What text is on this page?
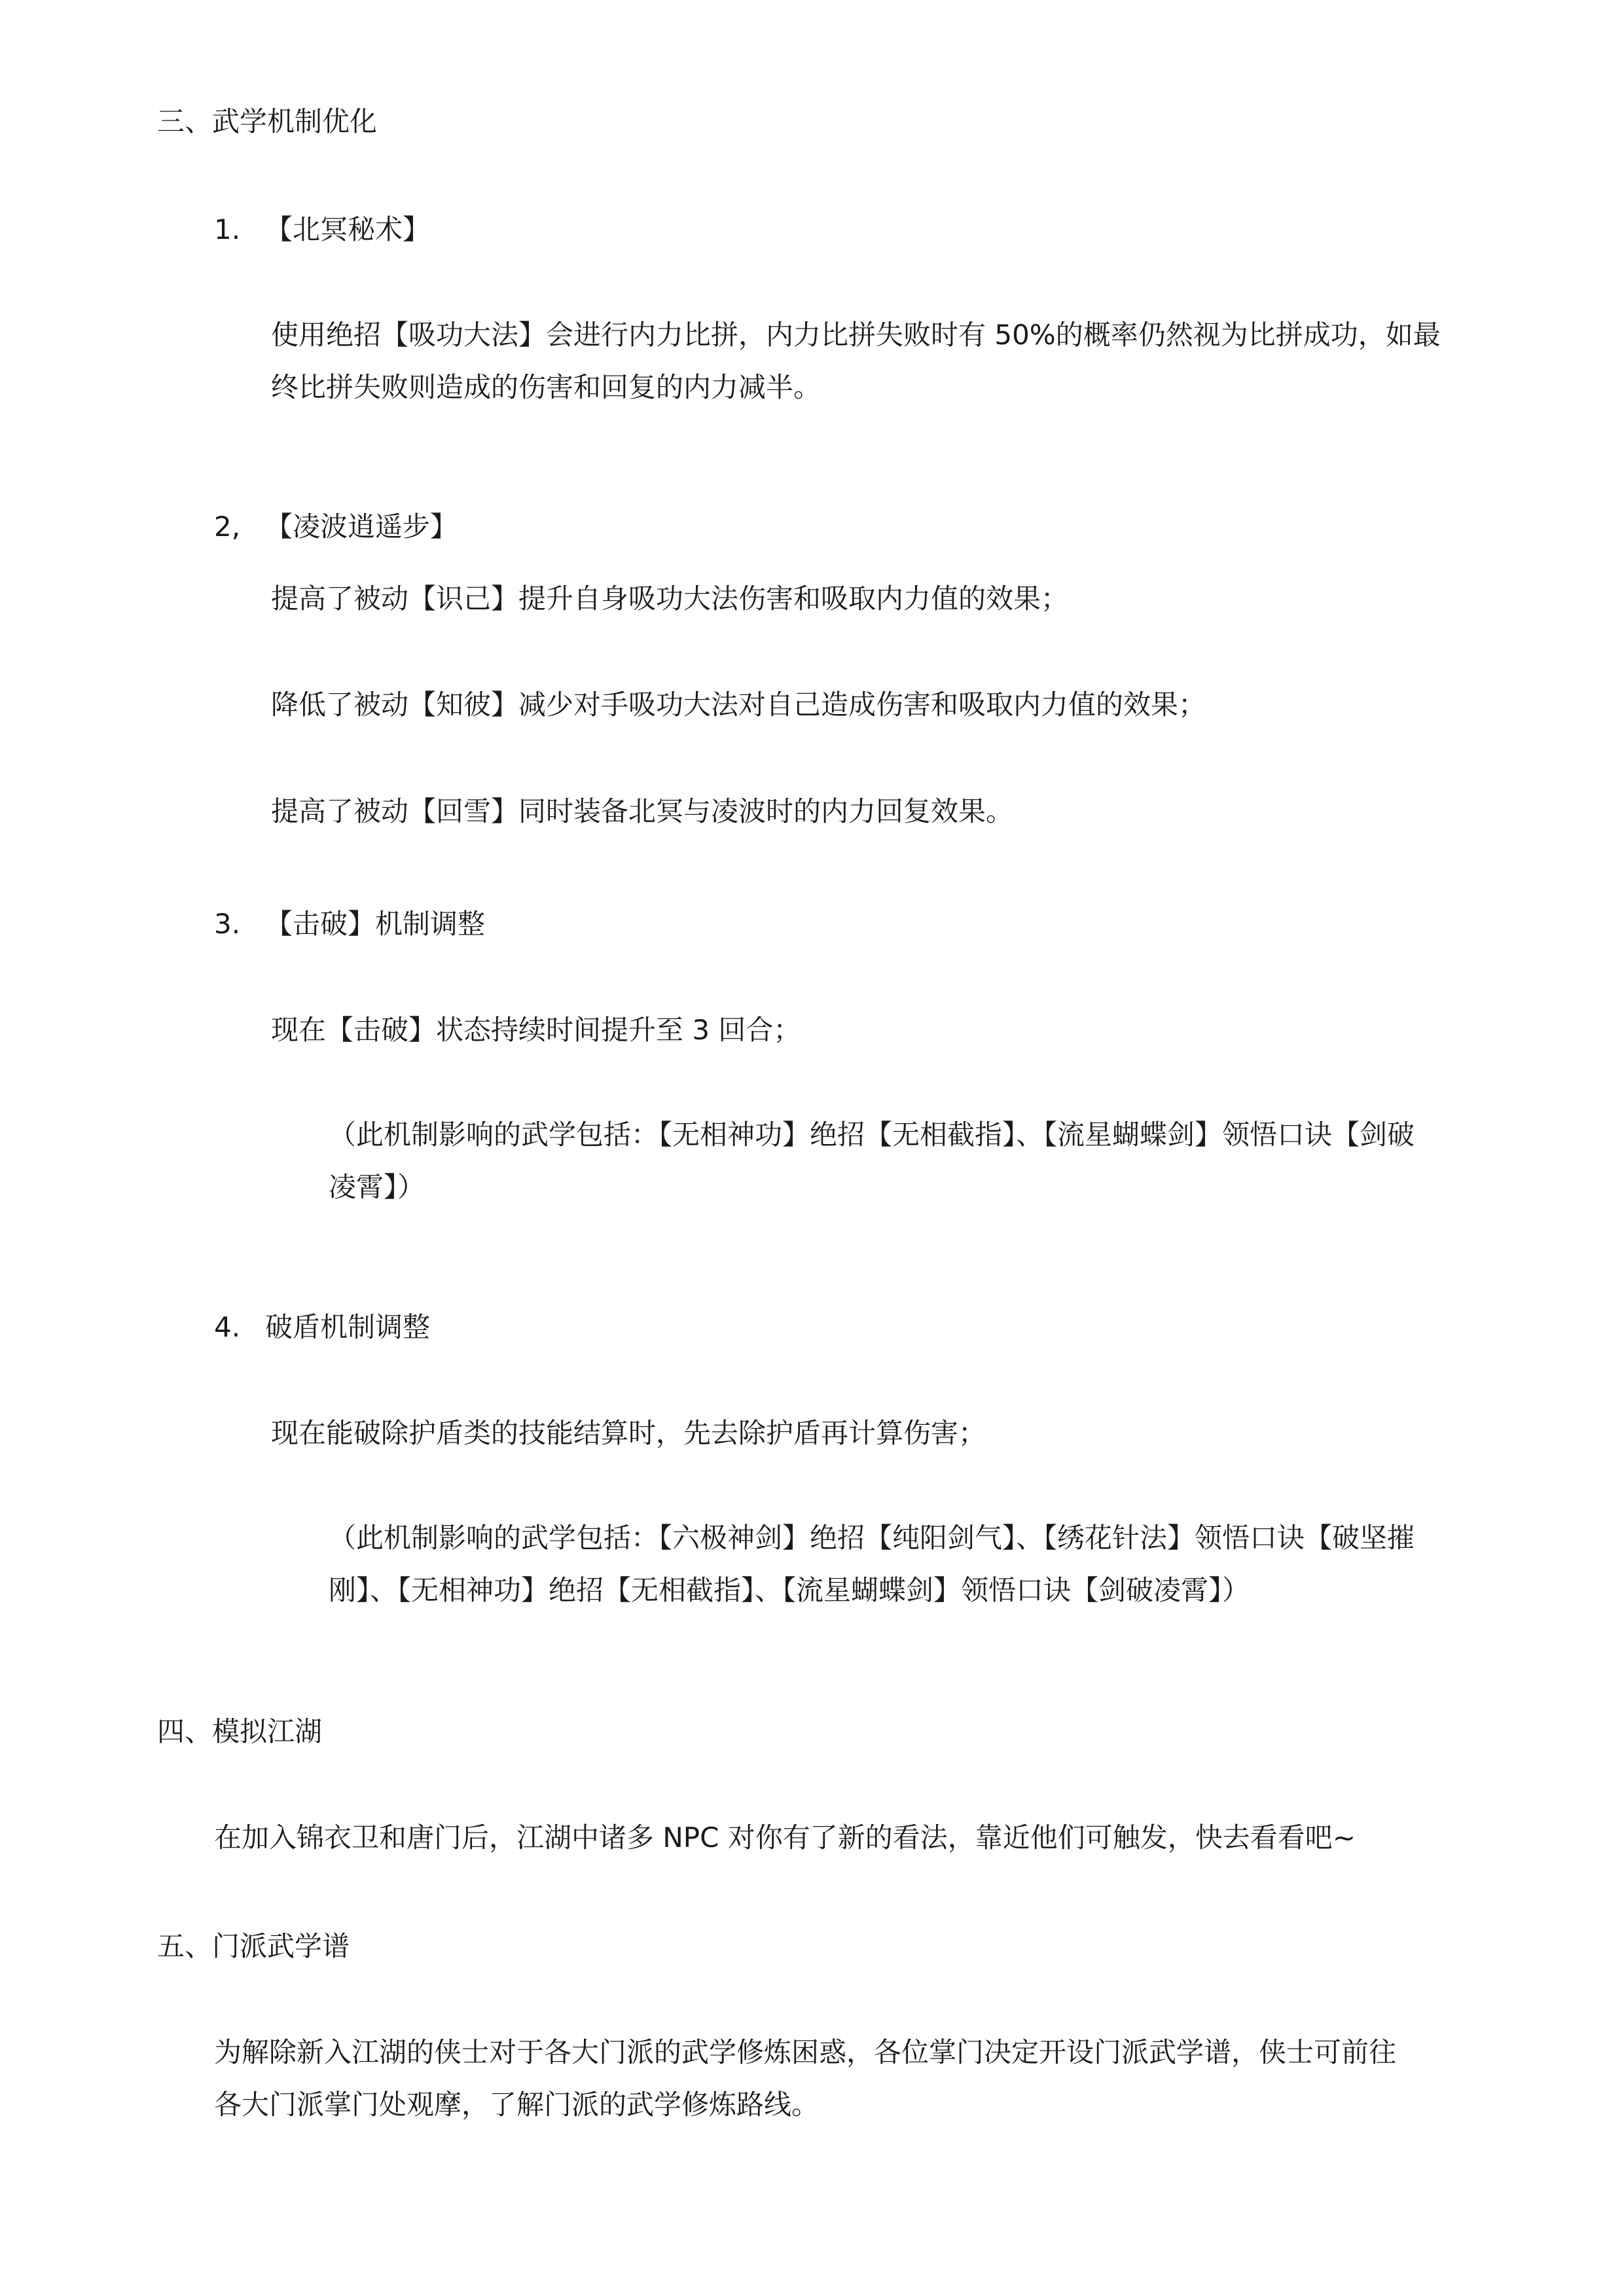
三、武学机制优化
1. 【北冥秘术】
使用绝招【吸功大法】会进行内力比拼，内力比拼失败时有 50%的概率仍然视为比拼成功，如最
终比拼失败则造成的伤害和回复的内力减半。
2, 【凌波逍遥步】
提高了被动【识己】提升自身吸功大法伤害和吸取内力值的效果；
降低了被动【知彼】减少对手吸功大法对自己造成伤害和吸取内力值的效果；
提高了被动【回雪】同时装备北冥与凌波时的内力回复效果。
3. 【击破】机制调整
现在【击破】状态持续时间提升至 3 回合；
（此机制影响的武学包括：【无相神功】绝招【无相截指】、【流星蝴蝶剑】领悟口诀【剑破
凌霄】）
4. 破盾机制调整
现在能破除护盾类的技能结算时，先去除护盾再计算伤害；
（此机制影响的武学包括：【六极神剑】绝招【纯阳剑气】、【绣花针法】领悟口诀【破坚摧
刚】、【无相神功】绝招【无相截指】、【流星蝴蝶剑】领悟口诀【剑破凌霄】）
四、模拟江湖
在加入锦衣卫和唐门后，江湖中诸多 NPC 对你有了新的看法，靠近他们可触发，快去看看吧~
五、门派武学谱
为解除新入江湖的侠士对于各大门派的武学修炼困惑，各位掌门决定开设门派武学谱，侠士可前往
各大门派掌门处观摩，了解门派的武学修炼路线。
